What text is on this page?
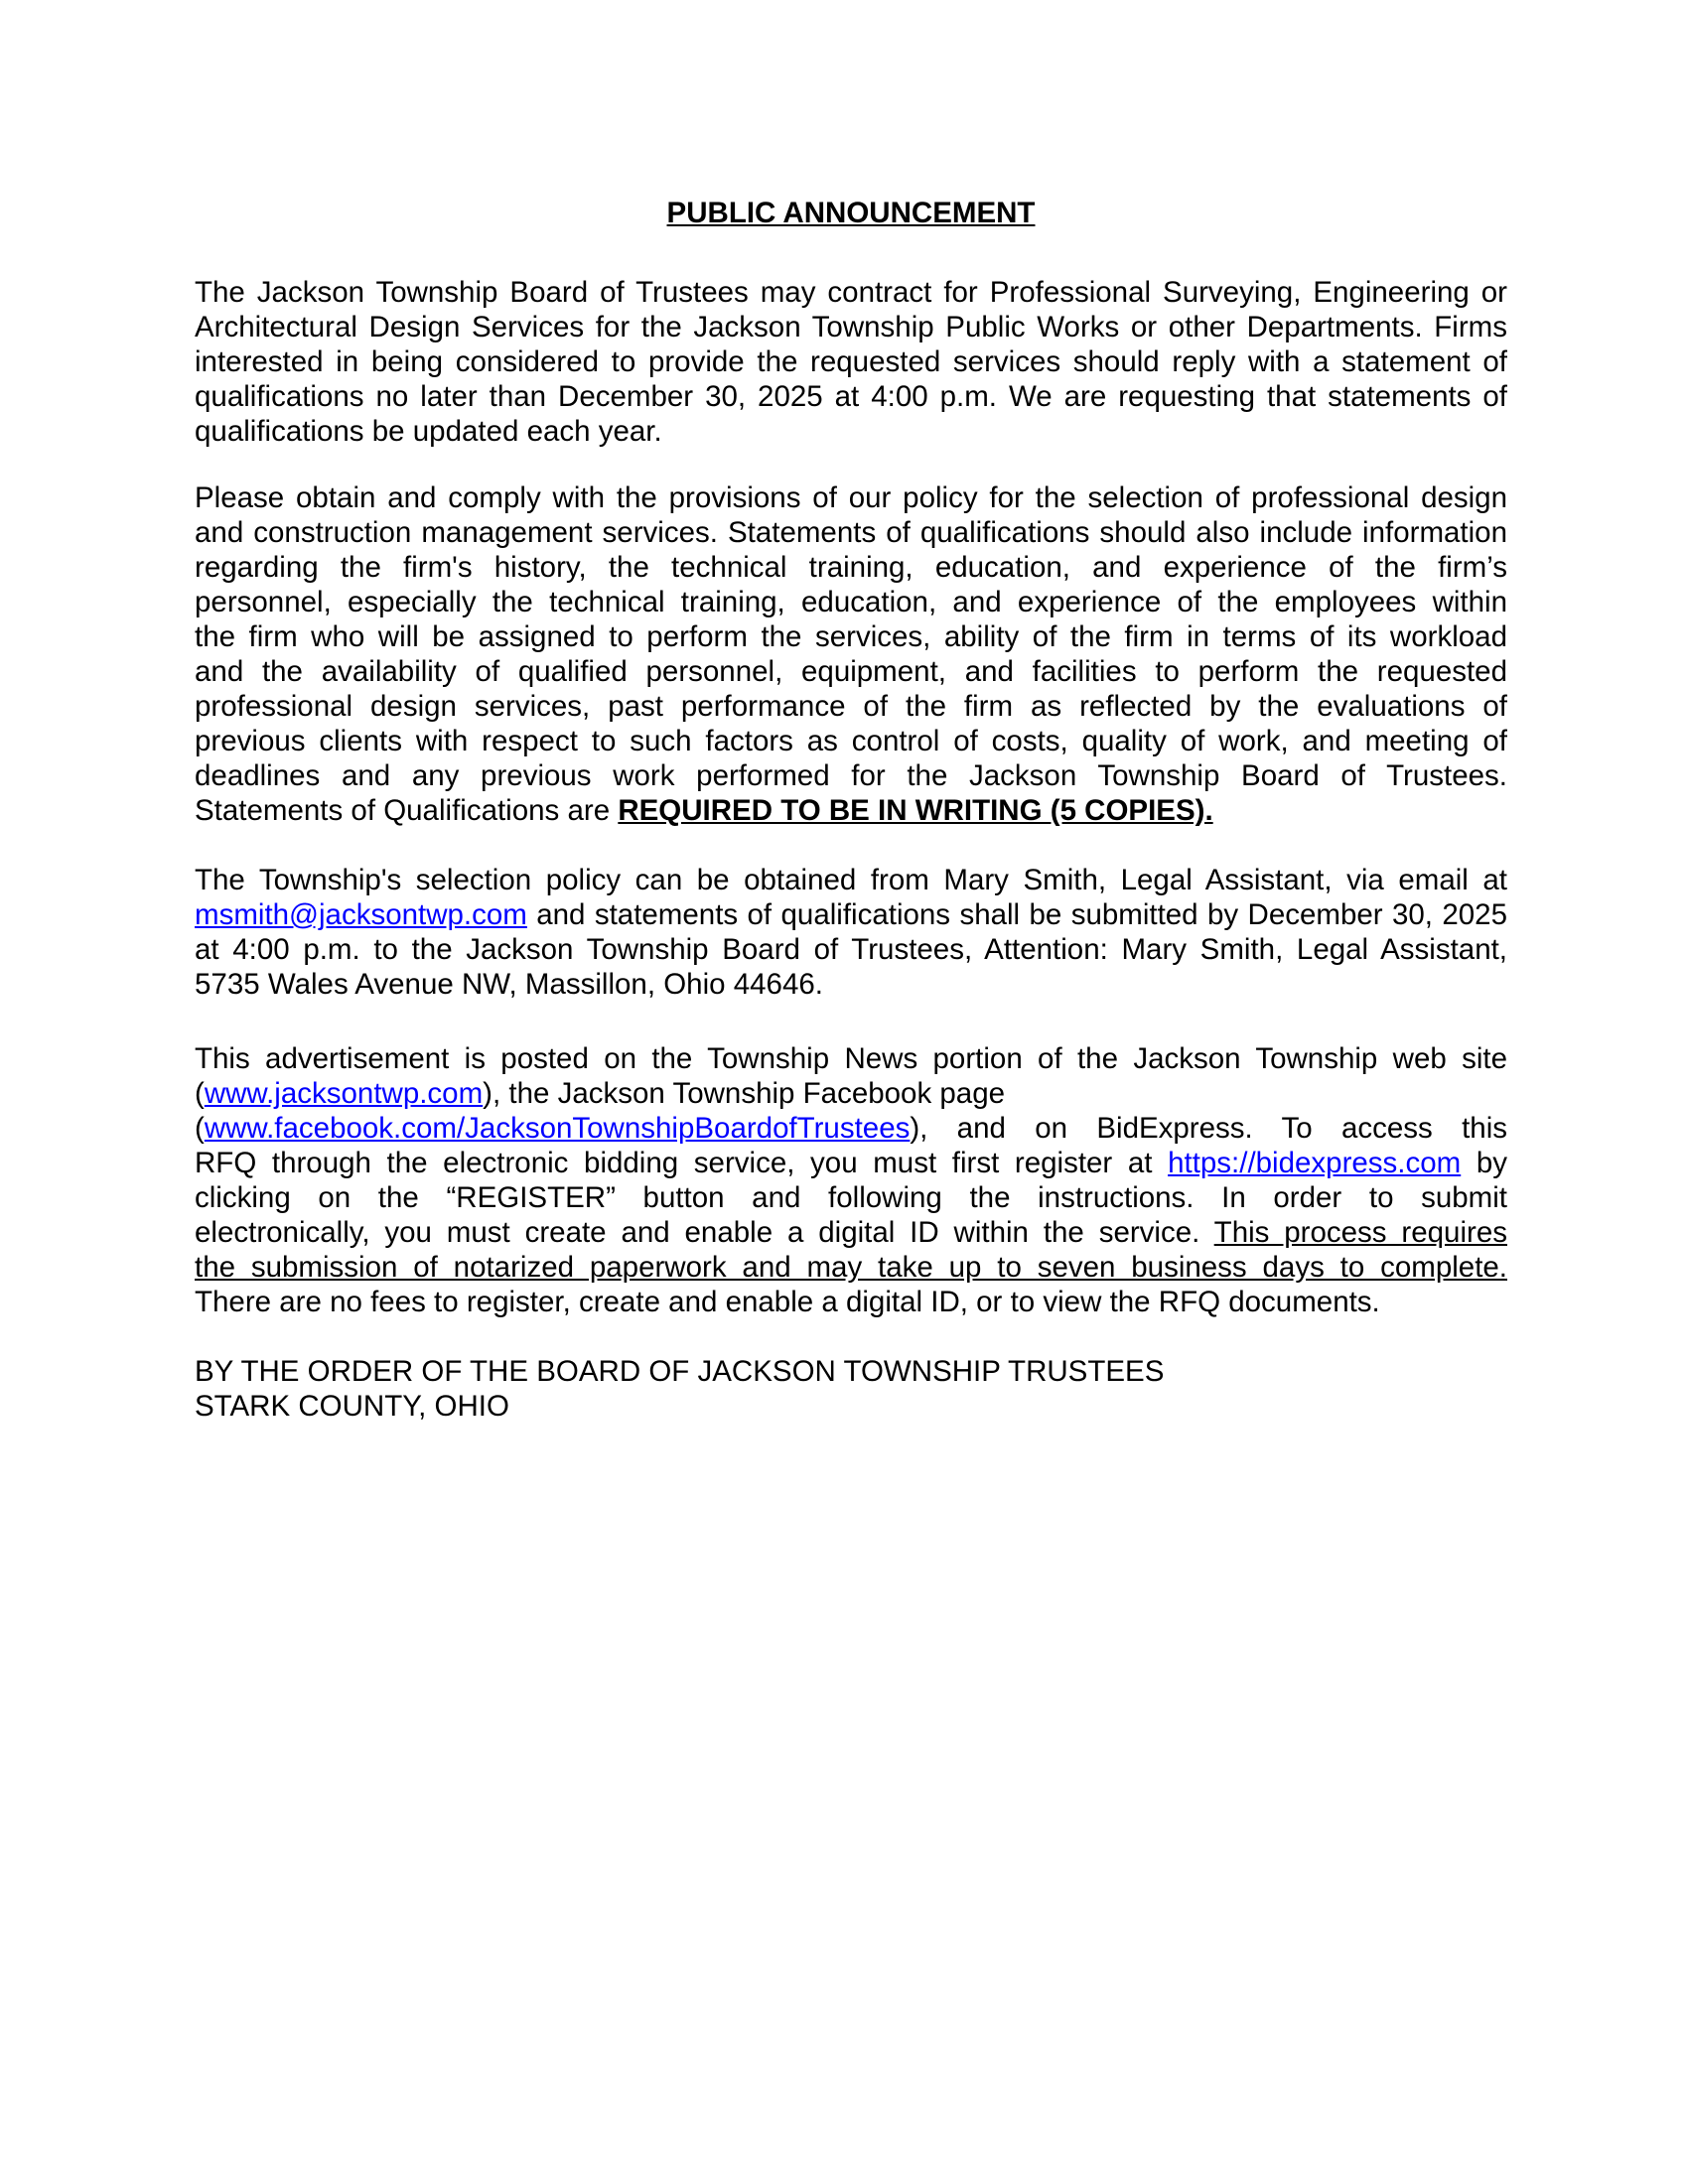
PUBLIC ANNOUNCEMENT
The Jackson Township Board of Trustees may contract for Professional Surveying, Engineering or
Architectural Design Services for the Jackson Township Public Works or other Departments. Firms
interested in being considered to provide the requested services should reply with a statement of
qualifications no later than December 30, 2025 at 4:00 p.m. We are requesting that statements of
qualifications be updated each year.
Please obtain and comply with the provisions of our policy for the selection of professional design
and construction management services. Statements of qualifications should also include information
regarding the firm's history, the technical training, education, and experience of the firm’s
personnel, especially the technical training, education, and experience of the employees within
the firm who will be assigned to perform the services, ability of the firm in terms of its workload
and the availability of qualified personnel, equipment, and facilities to perform the requested
professional design services, past performance of the firm as reflected by the evaluations of
previous clients with respect to such factors as control of costs, quality of work, and meeting of
deadlines and any previous work performed for the Jackson Township Board of Trustees.
Statements of Qualifications are REQUIRED TO BE IN WRITING (5 COPIES).
The Township's selection policy can be obtained from Mary Smith, Legal Assistant, via email at
msmith@jacksontwp.com and statements of qualifications shall be submitted by December 30, 2025
at 4:00 p.m. to the Jackson Township Board of Trustees, Attention: Mary Smith, Legal Assistant,
5735 Wales Avenue NW, Massillon, Ohio 44646.
This advertisement is posted on the Township News portion of the Jackson Township web site
(www.jacksontwp.com), the Jackson Township Facebook page
(www.facebook.com/JacksonTownshipBoardofTrustees), and on BidExpress. To access this
RFQ through the electronic bidding service, you must first register at https://bidexpress.com by
clicking on the “REGISTER” button and following the instructions. In order to submit
electronically, you must create and enable a digital ID within the service. This process requires
the submission of notarized paperwork and may take up to seven business days to complete.
There are no fees to register, create and enable a digital ID, or to view the RFQ documents.
BY THE ORDER OF THE BOARD OF JACKSON TOWNSHIP TRUSTEES
STARK COUNTY, OHIO
